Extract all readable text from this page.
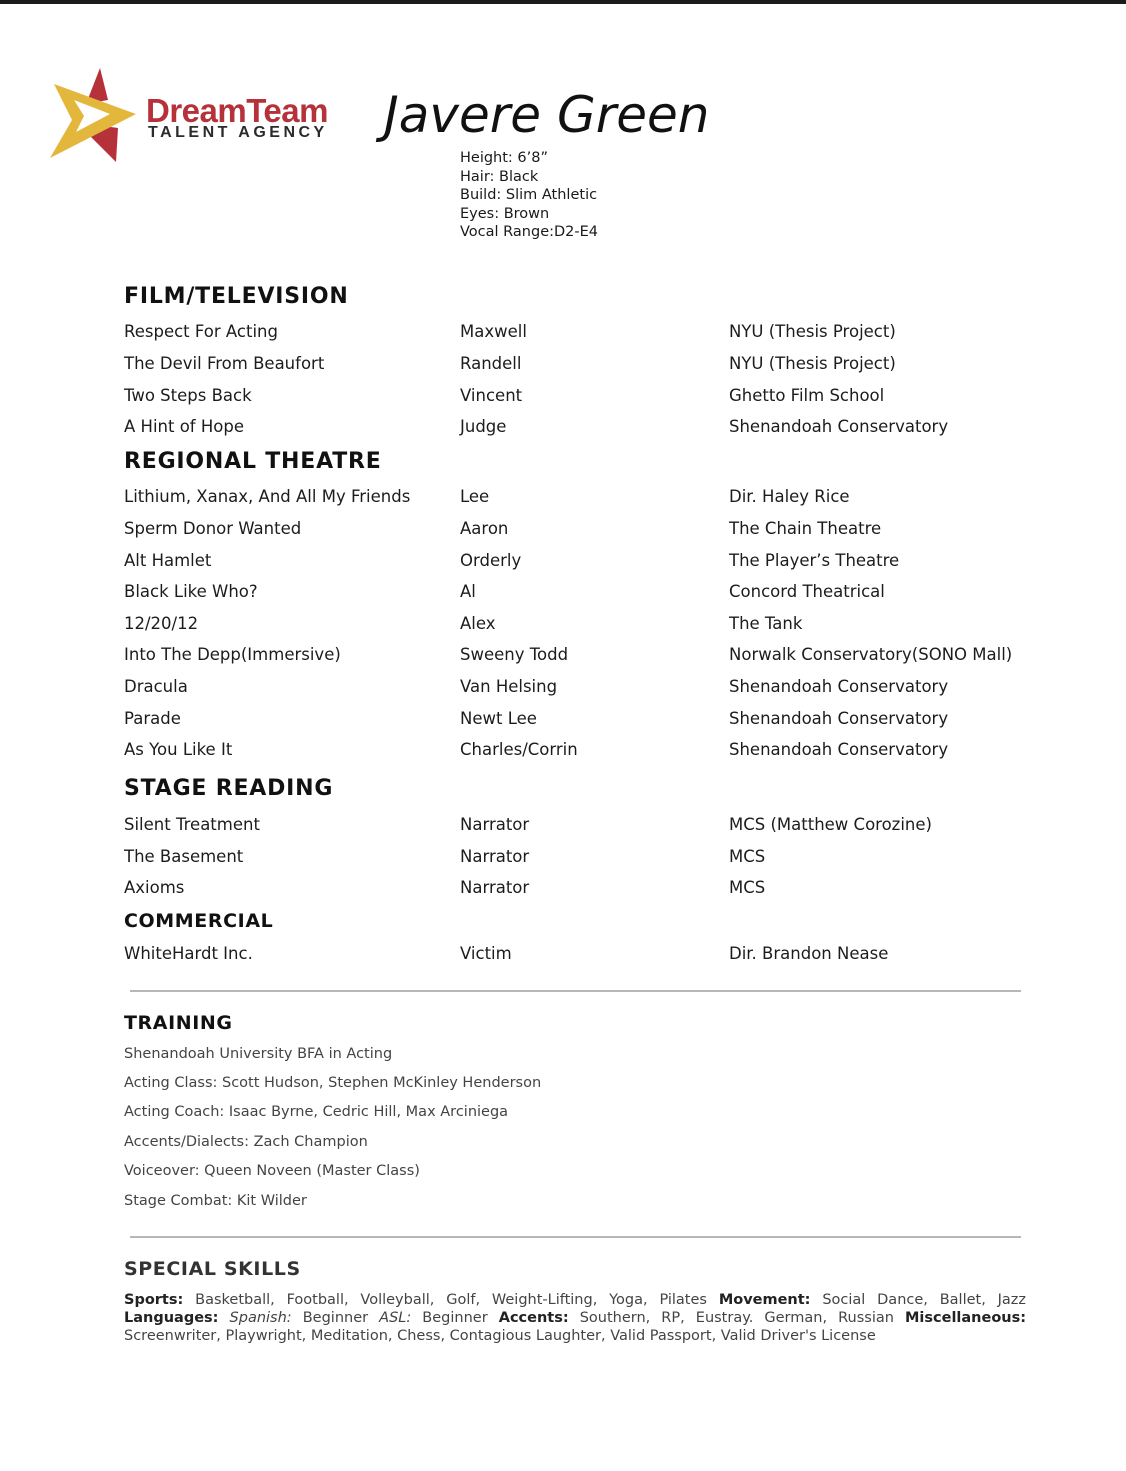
DreamTeam
TALENT AGENCY Javere Green
Height: 6’8”
Hair: Black
Build: Slim Athletic
Eyes: Brown
Vocal Range:D2-E4
FILM/TELEVISION
Respect For Acting	Maxwell	NYU (Thesis Project)
The Devil From Beaufort	Randell	NYU (Thesis Project)
Two Steps Back	Vincent	Ghetto Film School
A Hint of Hope	Judge	Shenandoah Conservatory
REGIONAL THEATRE
Lithium, Xanax, And All My Friends	Lee	Dir. Haley Rice
Sperm Donor Wanted	Aaron	The Chain Theatre
Alt Hamlet	Orderly	The Player’s Theatre
Black Like Who?	Al	Concord Theatrical
12/20/12	Alex	The Tank
Into The Depp(Immersive)	Sweeny Todd	Norwalk Conservatory(SONO Mall)
Dracula	Van Helsing	Shenandoah Conservatory
Parade	Newt Lee	Shenandoah Conservatory
As You Like It	Charles/Corrin	Shenandoah Conservatory
STAGE READING
Silent Treatment	Narrator	MCS (Matthew Corozine)
The Basement	Narrator	MCS
Axioms	Narrator	MCS
COMMERCIAL
WhiteHardt Inc.	Victim	Dir. Brandon Nease
TRAINING
Shenandoah University BFA in Acting
Acting Class: Scott Hudson, Stephen McKinley Henderson
Acting Coach: Isaac Byrne, Cedric Hill, Max Arciniega
Accents/Dialects: Zach Champion
Voiceover: Queen Noveen (Master Class)
Stage Combat: Kit Wilder
SPECIAL SKILLS
Sports: Basketball, Football, Volleyball, Golf, Weight-Lifting, Yoga, Pilates Movement: Social Dance, Ballet, Jazz Languages: Spanish: Beginner ASL: Beginner Accents: Southern, RP, Eustray. German, Russian Miscellaneous: Screenwriter, Playwright, Meditation, Chess, Contagious Laughter, Valid Passport, Valid Driver's License
